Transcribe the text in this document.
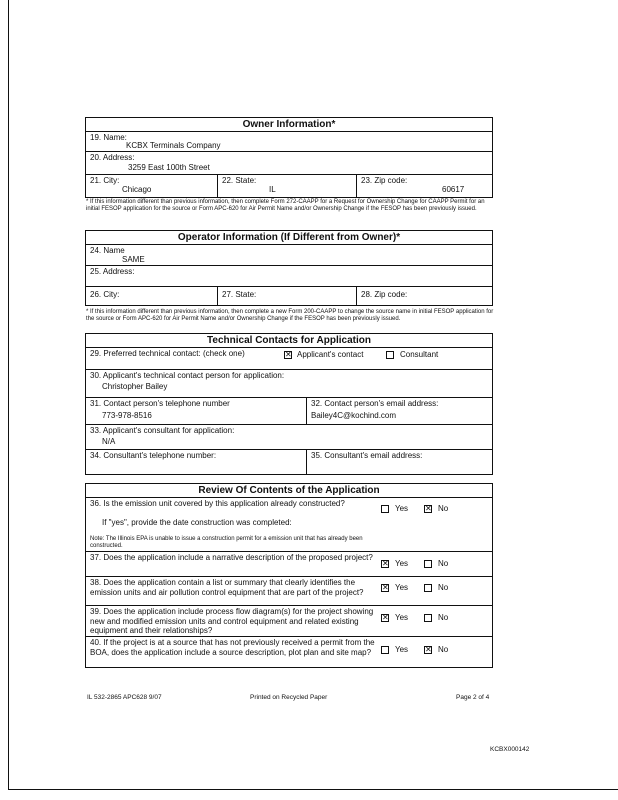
Owner Information*
19. Name:
KCBX Terminals Company
20. Address:
3259 East 100th Street
21. City:
Chicago
22. State:
IL
23. Zip code:
60617
* If this information different than previous information, then complete Form 272-CAAPP for a Request for Ownership Change for CAAPP Permit for an initial FESOP application for the source or Form APC-620 for Air Permit Name and/or Ownership Change if the FESOP has been previously issued.
Operator Information (If Different from Owner)*
24. Name
SAME
25. Address:
26. City:	27. State:	28. Zip code:
* If this information different than previous information, then complete a new Form 200-CAAPP to change the source name in initial FESOP application for the source or Form APC-620 for Air Permit Name and/or Ownership Change if the FESOP has been previously issued.
Technical Contacts for Application
29. Preferred technical contact: (check one)	✕ Applicant's contact	Consultant
30. Applicant's technical contact person for application:
Christopher Bailey
31. Contact person's telephone number
773-978-8516
32. Contact person's email address:
Bailey4C@kochind.com
33. Applicant's consultant for application:
N/A
34. Consultant's telephone number:	35. Consultant's email address:
Review Of Contents of the Application
36. Is the emission unit covered by this application already constructed?
If "yes", provide the date construction was completed:
Note: The Illinois EPA is unable to issue a construction permit for a emission unit that has already been constructed.
Yes ✕ No
37. Does the application include a narrative description of the proposed project?
✕ Yes	No
38. Does the application contain a list or summary that clearly identifies the emission units and air pollution control equipment that are part of the project?	✕ Yes	No
39. Does the application include process flow diagram(s) for the project showing new and modified emission units and control equipment and related existing equipment and their relationships?
✕ Yes	No
40. If the project is at a source that has not previously received a permit from the BOA, does the application include a source description, plot plan and site map?	Yes ✕ No
IL 532-2865 APC628 9/07	Printed on Recycled Paper	Page 2 of 4
KCBX000142
